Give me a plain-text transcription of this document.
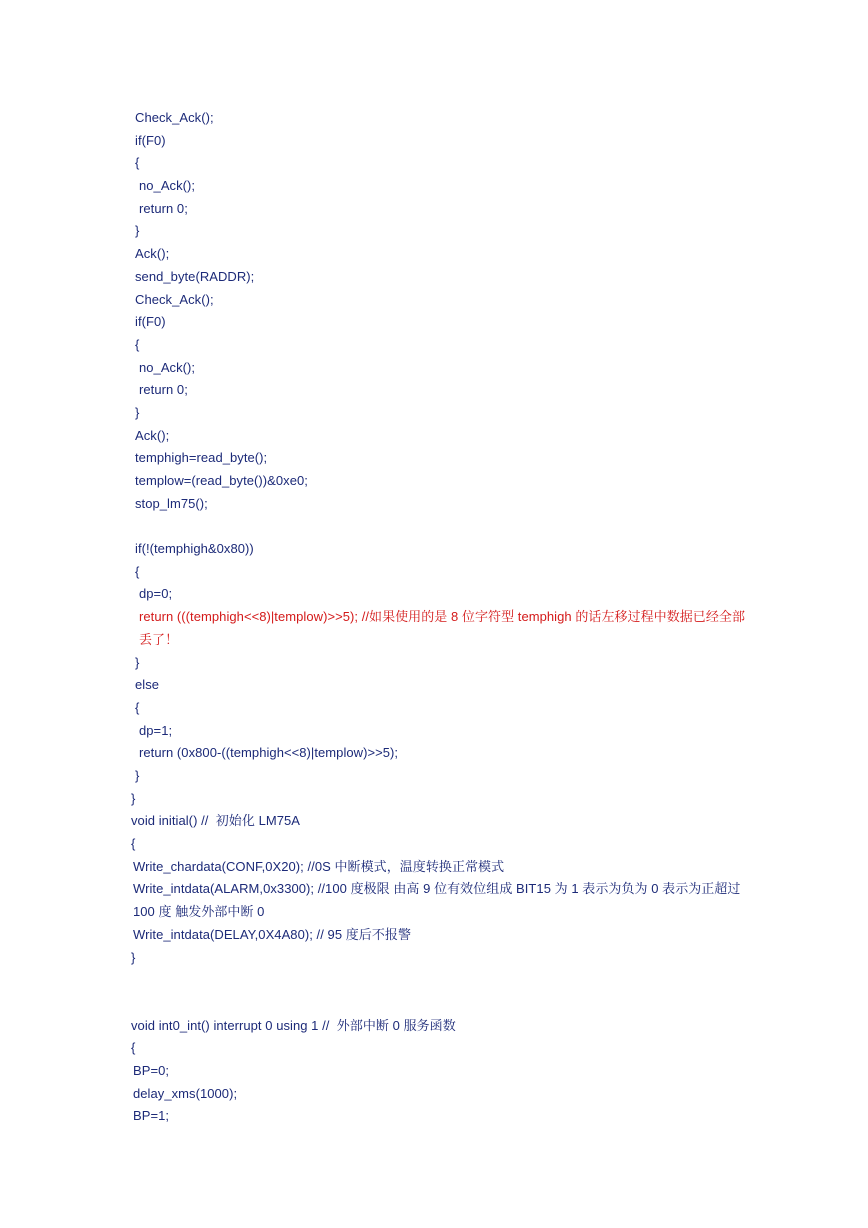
Check_Ack();
if(F0)
{
no_Ack();
return 0;
}
Ack();
send_byte(RADDR);
Check_Ack();
if(F0)
{
no_Ack();
return 0;
}
Ack();
temphigh=read_byte();
templow=(read_byte())&0xe0;
stop_lm75();
if(!(temphigh&0x80))
{
dp=0;
return (((temphigh<<8)|templow)>>5); //如果使用的是 8 位字符型 temphigh 的话左移过程中数据已经全部丢了！
}
else
{
dp=1;
return (0x800-((temphigh<<8)|templow)>>5);
}
}
void initial() //  初始化 LM75A
{
Write_chardata(CONF,0X20); //0S 中断模式，温度转换正常模式
Write_intdata(ALARM,0x3300); //100 度极限 由高 9 位有效位组成 BIT15 为 1 表示为负为 0 表示为正超过 100 度 触发外部中断 0
Write_intdata(DELAY,0X4A80); // 95 度后不报警
}
void int0_int() interrupt 0 using 1 //  外部中断 0 服务函数
{
BP=0;
delay_xms(1000);
BP=1;
